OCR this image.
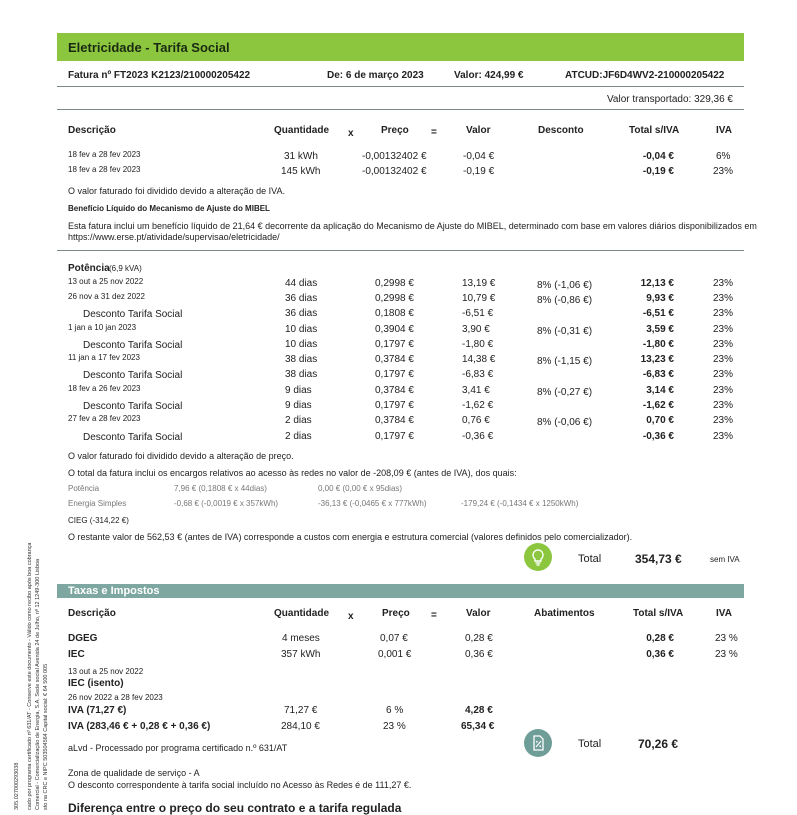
Eletricidade - Tarifa Social
Fatura nº FT2023 K2123/210000205422	De: 6 de março 2023	Valor: 424,99 €	ATCUD:JF6D4WV2-210000205422
Valor transportado: 329,36 €
Descrição	Quantidade x	Preço =	Valor	Desconto	Total s/IVA	IVA
18 fev a 28 fev 2023	31 kWh	-0,00132402 €	-0,04 €	-0,04 €	6%
18 fev a 28 fev 2023	145 kWh	-0,00132402 €	-0,19 €	-0,19 €	23%
O valor faturado foi dividido devido a alteração de IVA.
Benefício Líquido do Mecanismo de Ajuste do MIBEL
Esta fatura inclui um benefício líquido de 21,64 € decorrente da aplicação do Mecanismo de Ajuste do MIBEL, determinado com base em valores diários disponibilizados em
https://www.erse.pt/atividade/supervisao/eletricidade/
Potência (6,9 kVA)
13 out a 25 nov 2022	44 dias	0,2998 €	13,19 €	8% (-1,06 €)	12,13 €	23%
26 nov a 31 dez 2022	36 dias	0,2998 €	10,79 €	8% (-0,86 €)	9,93 €	23%
Desconto Tarifa Social	36 dias	0,1808 €	-6,51 €	-6,51 €	23%
1 jan a 10 jan 2023	10 dias	0,3904 €	3,90 €	8% (-0,31 €)	3,59 €	23%
Desconto Tarifa Social	10 dias	0,1797 €	-1,80 €	-1,80 €	23%
11 jan a 17 fev 2023	38 dias	0,3784 €	14,38 €	8% (-1,15 €)	13,23 €	23%
Desconto Tarifa Social	38 dias	0,1797 €	-6,83 €	-6,83 €	23%
18 fev a 26 fev 2023	9 dias	0,3784 €	3,41 €	8% (-0,27 €)	3,14 €	23%
Desconto Tarifa Social	9 dias	0,1797 €	-1,62 €	-1,62 €	23%
27 fev a 28 fev 2023	2 dias	0,3784 €	0,76 €	8% (-0,06 €)	0,70 €	23%
Desconto Tarifa Social	2 dias	0,1797 €	-0,36 €	-0,36 €	23%
O valor faturado foi dividido devido a alteração de preço.
O total da fatura inclui os encargos relativos ao acesso às redes no valor de -208,09 € (antes de IVA), dos quais:
Potência	7,96 € (0,1808 € x 44dias)	0,00 € (0,00 € x 95dias)
Energia Simples	-0,68 € (-0,0019 € x 357kWh)	-36,13 € (-0,0465 € x 777kWh)	-179,24 € (-0,1434 € x 1250kWh)
CIEG (-314,22 €)
O restante valor de 562,53 € (antes de IVA) corresponde a custos com energia e estrutura comercial (valores definidos pelo comercializador).
Total	354,73 €	sem IVA
Taxas e Impostos
Descrição	Quantidade x	Preço =	Valor	Abatimentos	Total s/IVA	IVA
DGEG	4 meses	0,07 €	0,28 €	0,28 €	23 %
IEC	357 kWh	0,001 €	0,36 €	0,36 €	23 %
13 out a 25 nov 2022
IEC (isento)
26 nov 2022 a 28 fev 2023
IVA (71,27 €)	71,27 €	6 %	4,28 €
IVA (283,46 € + 0,28 € + 0,36 €)	284,10 €	23 %	65,34 €
aLvd - Processado por programa certificado n.º 631/AT	Total	70,26 €
Zona de qualidade de serviço - A
O desconto correspondente à tarifa social incluído no Acesso às Redes é de 111,27 €.
Diferença entre o preço do seu contrato e a tarifa regulada
305.027000293038 cado por programa certificado nº 631/AT - Conserve este documento - Válido como recibo após boa cobrança Comercial - Comercialização de Energia, S.A. Sede social Avenida 24 de Julho, nº 12 1249-300 Lisboa sto na CRC e NIPC 503504564 Capital social: € 64 500 005
